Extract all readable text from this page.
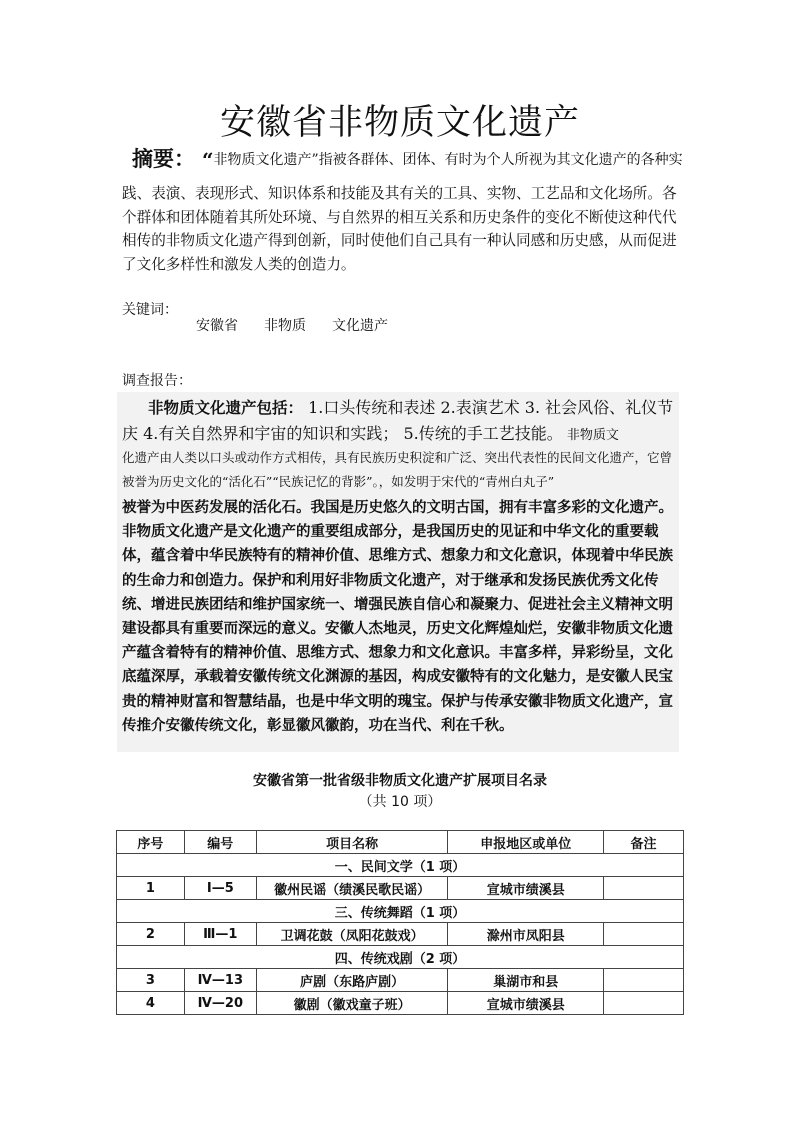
安徽省非物质文化遗产
摘要： “非物质文化遗产”指被各群体、团体、有时为个人所视为其文化遗产的各种实
践、表演、表现形式、知识体系和技能及其有关的工具、实物、工艺品和文化场所。各个群体和团体随着其所处环境、与自然界的相互关系和历史条件的变化不断使这种代代相传的非物质文化遗产得到创新，同时使他们自己具有一种认同感和历史感，从而促进了文化多样性和激发人类的创造力。
关键词：
安徽省 非物质 文化遗产
调查报告：
非物质文化遗产包括： 1.口头传统和表述 2.表演艺术 3. 社会风俗、礼仪节庆 4.有关自然界和宇宙的知识和实践； 5.传统的手工艺技能。 非物质文
化遗产由人类以口头或动作方式相传，具有民族历史积淀和广泛、突出代表性的民间文化遗产，它曾被誉为历史文化的“活化石”“民族记忆的背影”。，如发明于宋代的“青州白丸子”
被誉为中医药发展的活化石。我国是历史悠久的文明古国，拥有丰富多彩的文化遗产。非物质文化遗产是文化遗产的重要组成部分，是我国历史的见证和中华文化的重要载体，蕴含着中华民族特有的精神价值、思维方式、想象力和文化意识，体现着中华民族的生命力和创造力。保护和利用好非物质文化遗产，对于继承和发扬民族优秀文化传统、增进民族团结和维护国家统一、增强民族自信心和凝聚力、促进社会主义精神文明建设都具有重要而深远的意义。安徽人杰地灵，历史文化辉煌灿烂，安徽非物质文化遗产蕴含着特有的精神价值、思维方式、想象力和文化意识。丰富多样，异彩纷呈，文化底蕴深厚，承载着安徽传统文化渊源的基因，构成安徽特有的文化魅力，是安徽人民宝贵的精神财富和智慧结晶，也是中华文明的瑰宝。保护与传承安徽非物质文化遗产，宣传推介安徽传统文化，彰显徽风徽韵，功在当代、利在千秋。
安徽省第一批省级非物质文化遗产扩展项目名录
（共 10 项）
序号	编号	项目名称	申报地区或单位	备注
一、民间文学（1 项）				
1	Ⅰ—5	徽州民谣（绩溪民歌民谣）	宣城市绩溪县	
三、传统舞蹈（1 项）				
2	Ⅲ—1	卫调花鼓（凤阳花鼓戏）	滁州市凤阳县	
四、传统戏剧（2 项）				
3	Ⅳ—13	庐剧（东路庐剧）	巢湖市和县	
4	Ⅳ—20	徽剧（徽戏童子班）	宣城市绩溪县	
